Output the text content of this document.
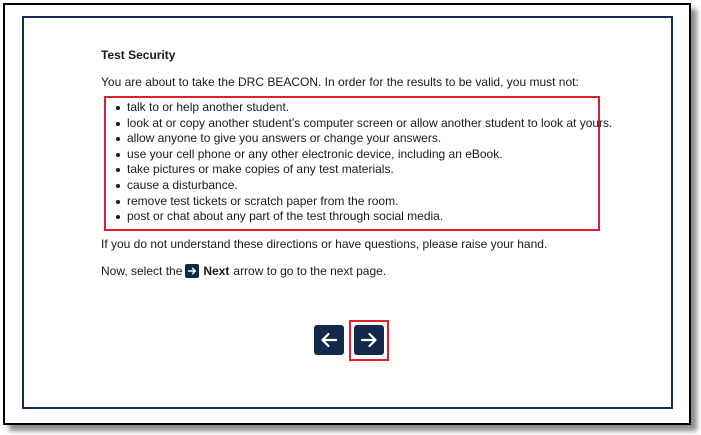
Test Security
You are about to take the DRC BEACON. In order for the results to be valid, you must not:
talk to or help another student.
look at or copy another student’s computer screen or allow another student to look at yours.
allow anyone to give you answers or change your answers.
use your cell phone or any other electronic device, including an eBook.
take pictures or make copies of any test materials.
cause a disturbance.
remove test tickets or scratch paper from the room.
post or chat about any part of the test through social media.
If you do not understand these directions or have questions, please raise your hand.
Now, select the Next arrow to go to the next page.
